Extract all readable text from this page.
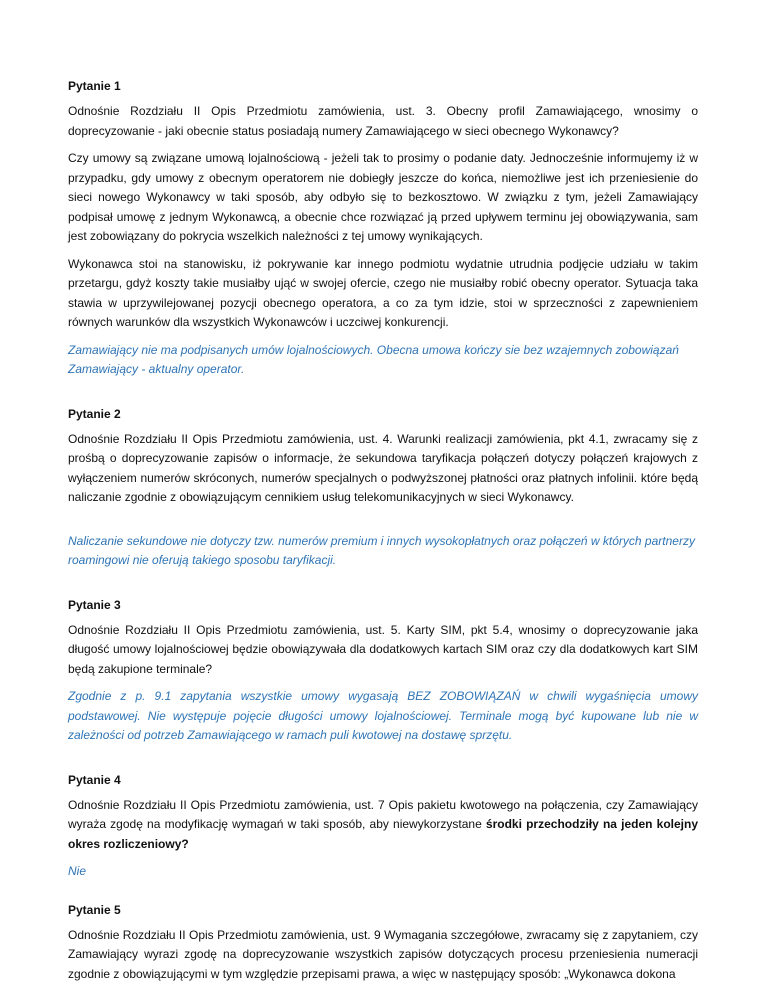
Pytanie 1

Odnośnie Rozdziału II Opis Przedmiotu zamówienia, ust. 3. Obecny profil Zamawiającego, wnosimy o doprecyzowanie - jaki obecnie status posiadają numery Zamawiającego w sieci obecnego Wykonawcy?

Czy umowy są związane umową lojalnościową - jeżeli tak to prosimy o podanie daty. Jednocześnie informujemy iż w przypadku, gdy umowy z obecnym operatorem nie dobiegły jeszcze do końca, niemożliwe jest ich przeniesienie do sieci nowego Wykonawcy w taki sposób, aby odbyło się to bezkosztowo. W związku z tym, jeżeli Zamawiający podpisał umowę z jednym Wykonawcą, a obecnie chce rozwiązać ją przed upływem terminu jej obowiązywania, sam jest zobowiązany do pokrycia wszelkich należności z tej umowy wynikających.

Wykonawca stoi na stanowisku, iż pokrywanie kar innego podmiotu wydatnie utrudnia podjęcie udziału w takim przetargu, gdyż koszty takie musiałby ująć w swojej ofercie, czego nie musiałby robić obecny operator. Sytuacja taka stawia w uprzywilejowanej pozycji obecnego operatora, a co za tym idzie, stoi w sprzeczności z zapewnieniem równych warunków dla wszystkich Wykonawców i uczciwej konkurencji.

Zamawiający nie ma podpisanych umów lojalnościowych. Obecna umowa kończy sie bez wzajemnych zobowiązań Zamawiający - aktualny operator.

Pytanie 2

Odnośnie Rozdziału II Opis Przedmiotu zamówienia, ust. 4. Warunki realizacji zamówienia, pkt 4.1, zwracamy się z prośbą o doprecyzowanie zapisów o informacje, że sekundowa taryfikacja połączeń dotyczy połączeń krajowych z wyłączeniem numerów skróconych, numerów specjalnych o podwyższonej płatności oraz płatnych infolinii. które będą naliczanie zgodnie z obowiązującym cennikiem usług telekomunikacyjnych w sieci Wykonawcy.

Naliczanie sekundowe nie dotyczy tzw. numerów premium i innych wysokopłatnych oraz połączeń w których partnerzy roamingowi nie oferują takiego sposobu taryfikacji.

Pytanie 3

Odnośnie Rozdziału II Opis Przedmiotu zamówienia, ust. 5. Karty SIM, pkt 5.4, wnosimy o doprecyzowanie jaka długość umowy lojalnościowej będzie obowiązywała dla dodatkowych kartach SIM oraz czy dla dodatkowych kart SIM będą zakupione terminale?

Zgodnie z p. 9.1 zapytania wszystkie umowy wygasają BEZ ZOBOWIĄZAŃ w chwili wygaśnięcia umowy podstawowej. Nie występuje pojęcie długości umowy lojalnościowej. Terminale mogą być kupowane lub nie w zależności od potrzeb Zamawiającego w ramach puli kwotowej na dostawę sprzętu.

Pytanie 4

Odnośnie Rozdziału II Opis Przedmiotu zamówienia, ust. 7 Opis pakietu kwotowego na połączenia, czy Zamawiający wyraża zgodę na modyfikację wymagań w taki sposób, aby niewykorzystane środki przechodziły na jeden kolejny okres rozliczeniowy?

Nie

Pytanie 5

Odnośnie Rozdziału II Opis Przedmiotu zamówienia, ust. 9 Wymagania szczegółowe, zwracamy się z zapytaniem, czy Zamawiający wyrazi zgodę na doprecyzowanie wszystkich zapisów dotyczących procesu przeniesienia numeracji zgodnie z obowiązującymi w tym względzie przepisami prawa, a więc w następujący sposób: „Wykonawca dokona
